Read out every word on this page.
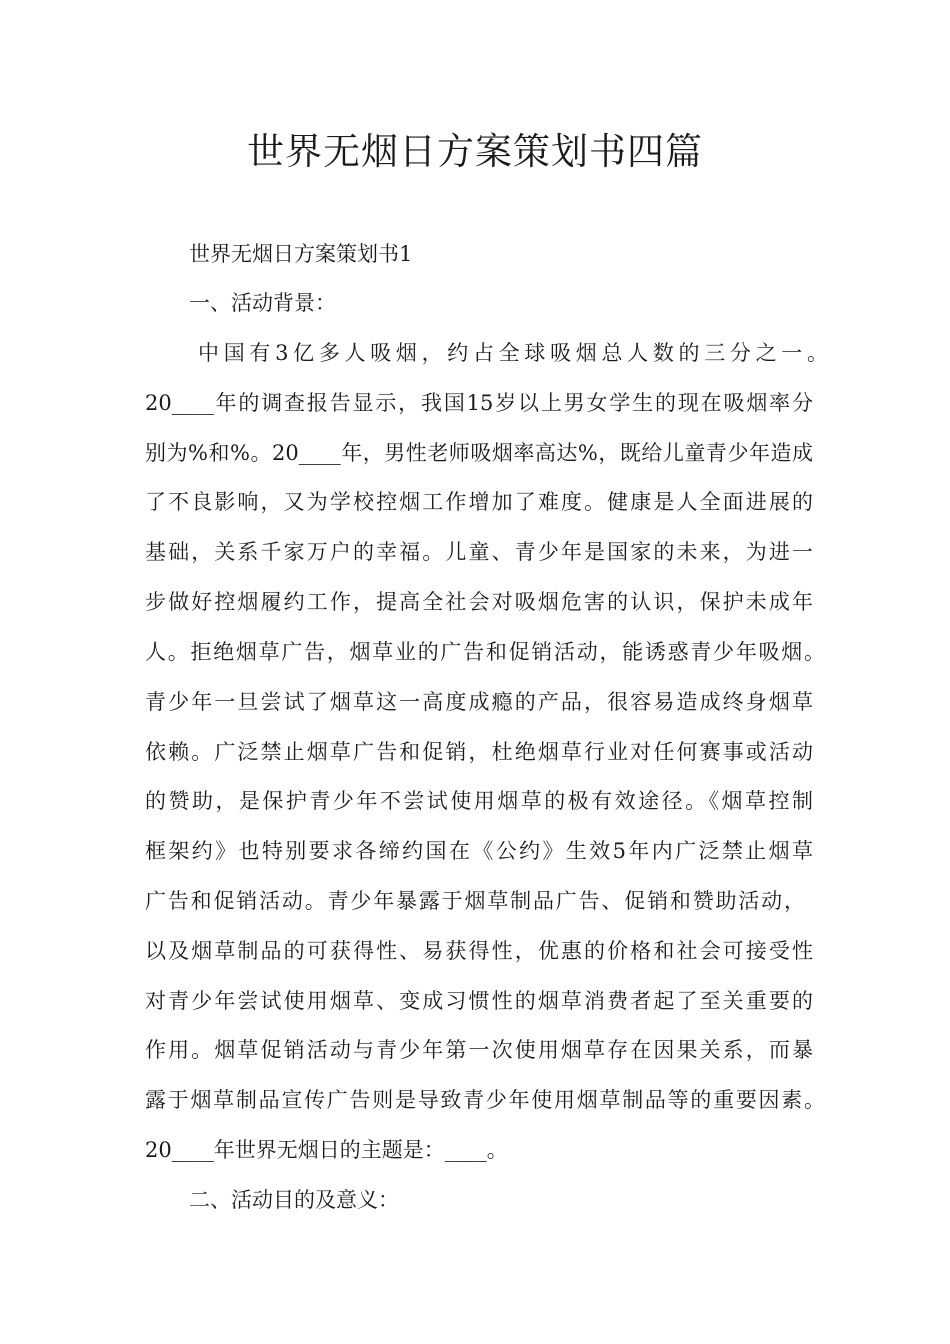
世界无烟日方案策划书四篇

世界无烟日方案策划书1

一、活动背景：

中国有3亿多人吸烟，约占全球吸烟总人数的三分之一。

20____年的调查报告显示，我国15岁以上男女学生的现在吸烟率分

别为%和%。20____年，男性老师吸烟率高达%，既给儿童青少年造成

了不良影响，又为学校控烟工作增加了难度。健康是人全面进展的

基础，关系千家万户的幸福。儿童、青少年是国家的未来，为进一

步做好控烟履约工作，提高全社会对吸烟危害的认识，保护未成年

人。拒绝烟草广告，烟草业的广告和促销活动，能诱惑青少年吸烟。

青少年一旦尝试了烟草这一高度成瘾的产品，很容易造成终身烟草

依赖。广泛禁止烟草广告和促销，杜绝烟草行业对任何赛事或活动

的赞助，是保护青少年不尝试使用烟草的极有效途径。《烟草控制

框架约》也特别要求各缔约国在《公约》生效5年内广泛禁止烟草

广告和促销活动。青少年暴露于烟草制品广告、促销和赞助活动，

以及烟草制品的可获得性、易获得性，优惠的价格和社会可接受性

对青少年尝试使用烟草、变成习惯性的烟草消费者起了至关重要的

作用。烟草促销活动与青少年第一次使用烟草存在因果关系，而暴

露于烟草制品宣传广告则是导致青少年使用烟草制品等的重要因素。

20____年世界无烟日的主题是：____。

二、活动目的及意义：
